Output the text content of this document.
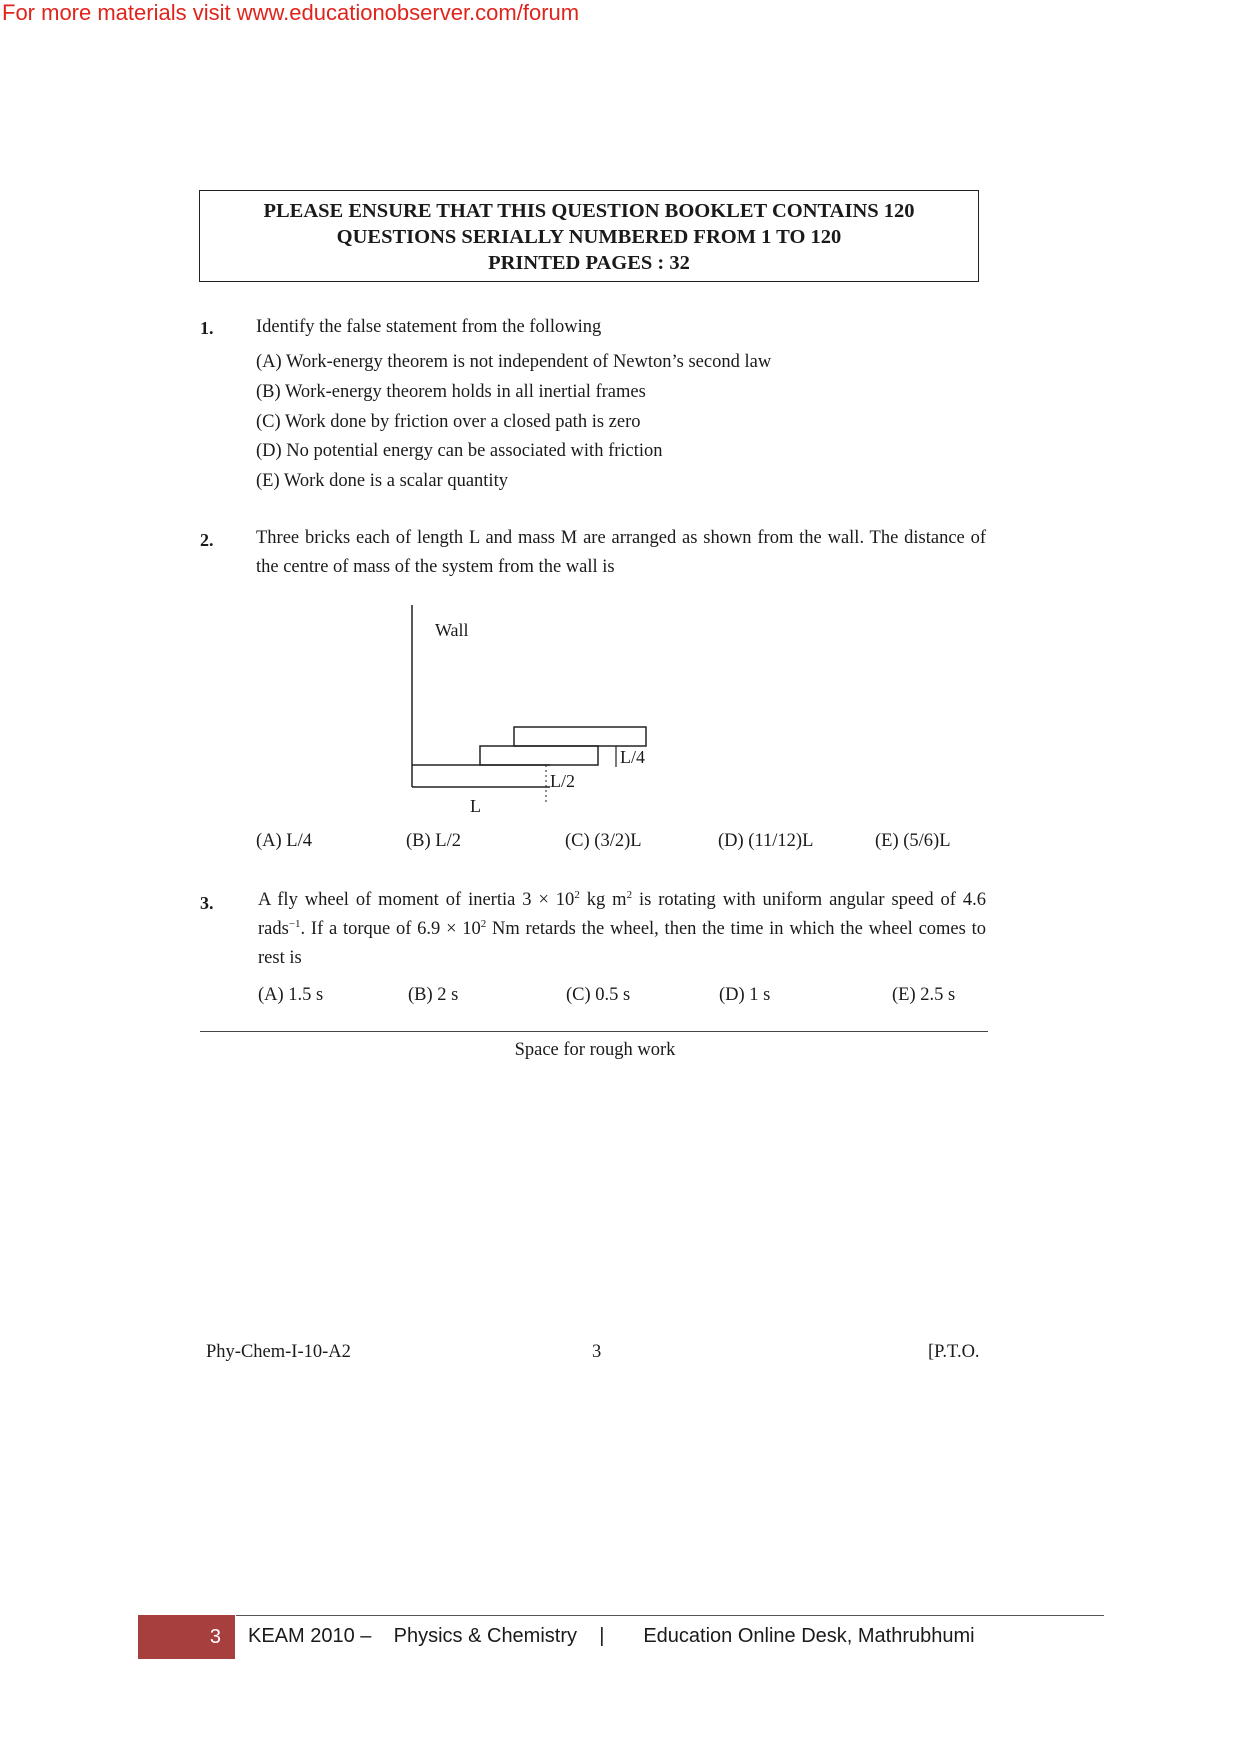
For more materials visit www.educationobserver.com/forum
PLEASE ENSURE THAT THIS QUESTION BOOKLET CONTAINS 120
QUESTIONS SERIALLY NUMBERED FROM 1 TO 120
PRINTED PAGES : 32
1. Identify the false statement from the following
(A) Work-energy theorem is not independent of Newton’s second law
(B) Work-energy theorem holds in all inertial frames
(C) Work done by friction over a closed path is zero
(D) No potential energy can be associated with friction
(E) Work done is a scalar quantity
2. Three bricks each of length L and mass M are arranged as shown from the wall. The distance of the centre of mass of the system from the wall is
Wall
L/4
L/2
L
(A) L/4	(B) L/2	(C) (3/2)L	(D) (11/12)L	(E) (5/6)L
3. A fly wheel of moment of inertia $3 \times 10^2$ kg $m^2$ is rotating with uniform angular speed of 4.6 rads$^{-1}$. If a torque of $6.9 \times 10^2$ Nm retards the wheel, then the time in which the wheel comes to rest is
(A) 1.5 s	(B) 2 s	(C) 0.5 s	(D) 1 s	(E) 2.5 s
Space for rough work
Phy-Chem-I-10-A2	3	[P.T.O.
3	KEAM 2010 –    Physics & Chemistry    |       Education Online Desk, Mathrubhumi
